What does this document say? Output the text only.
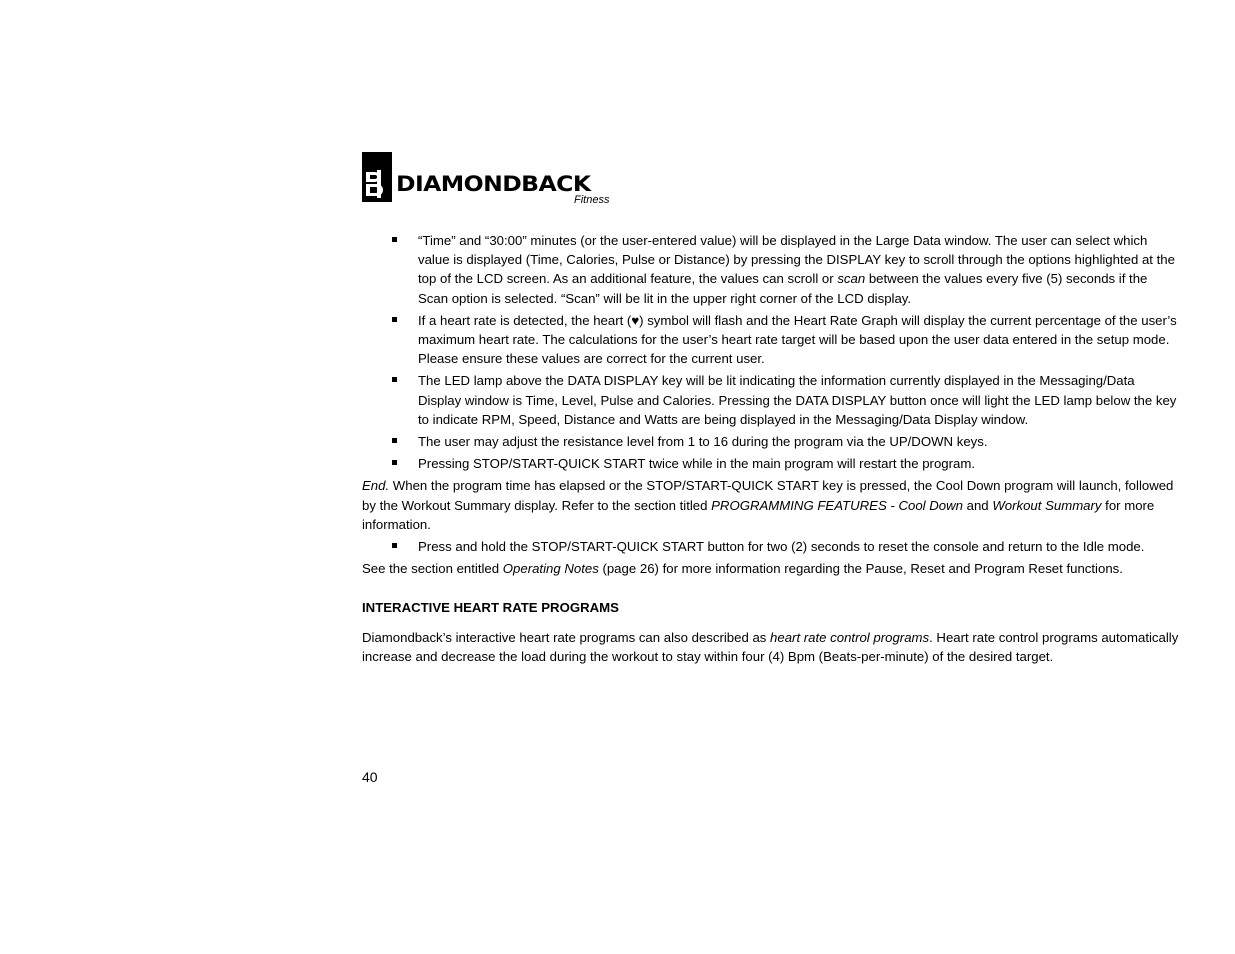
DIAMONDBACK
Fitness
“Time” and “30:00” minutes (or the user-entered value) will be displayed in the Large Data window. The user can select which value is displayed (Time, Calories, Pulse or Distance) by pressing the DISPLAY key to scroll through the options highlighted at the top of the LCD screen. As an additional feature, the values can scroll or scan between the values every five (5) seconds if the Scan option is selected. “Scan” will be lit in the upper right corner of the LCD display.
If a heart rate is detected, the heart (♥) symbol will flash and the Heart Rate Graph will display the current percentage of the user’s maximum heart rate. The calculations for the user’s heart rate target will be based upon the user data entered in the setup mode. Please ensure these values are correct for the current user.
The LED lamp above the DATA DISPLAY key will be lit indicating the information currently displayed in the Messaging/Data Display window is Time, Level, Pulse and Calories. Pressing the DATA DISPLAY button once will light the LED lamp below the key to indicate RPM, Speed, Distance and Watts are being displayed in the Messaging/Data Display window.
The user may adjust the resistance level from 1 to 16 during the program via the UP/DOWN keys.
Pressing STOP/START-QUICK START twice while in the main program will restart the program.

End. When the program time has elapsed or the STOP/START-QUICK START key is pressed, the Cool Down program will launch, followed by the Workout Summary display. Refer to the section titled PROGRAMMING FEATURES - Cool Down and Workout Summary for more information.

Press and hold the STOP/START-QUICK START button for two (2) seconds to reset the console and return to the Idle mode.

See the section entitled Operating Notes (page 26) for more information regarding the Pause, Reset and Program Reset functions.

INTERACTIVE HEART RATE PROGRAMS

Diamondback’s interactive heart rate programs can also described as heart rate control programs. Heart rate control programs automatically increase and decrease the load during the workout to stay within four (4) Bpm (Beats-per-minute) of the desired target.

40
